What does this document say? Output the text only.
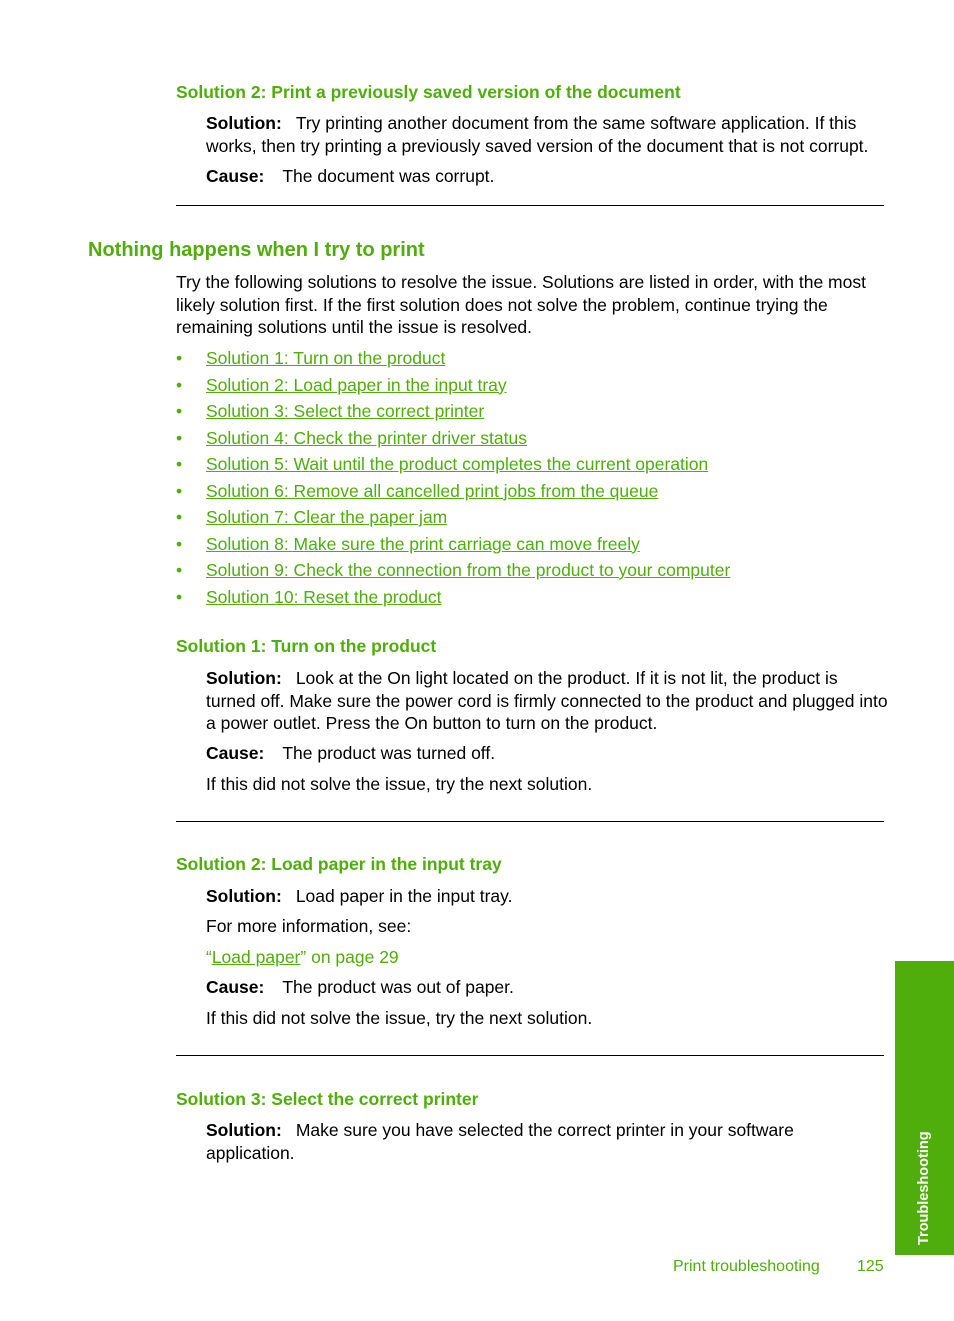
Solution 2: Print a previously saved version of the document

Solution: Try printing another document from the same software application. If this works, then try printing a previously saved version of the document that is not corrupt.

Cause: The document was corrupt.

Nothing happens when I try to print

Try the following solutions to resolve the issue. Solutions are listed in order, with the most likely solution first. If the first solution does not solve the problem, continue trying the remaining solutions until the issue is resolved.

• Solution 1: Turn on the product
• Solution 2: Load paper in the input tray
• Solution 3: Select the correct printer
• Solution 4: Check the printer driver status
• Solution 5: Wait until the product completes the current operation
• Solution 6: Remove all cancelled print jobs from the queue
• Solution 7: Clear the paper jam
• Solution 8: Make sure the print carriage can move freely
• Solution 9: Check the connection from the product to your computer
• Solution 10: Reset the product
Solution 1: Turn on the product

Solution: Look at the On light located on the product. If it is not lit, the product is turned off. Make sure the power cord is firmly connected to the product and plugged into a power outlet. Press the On button to turn on the product.

Cause: The product was turned off.

If this did not solve the issue, try the next solution.

Solution 2: Load paper in the input tray

Solution: Load paper in the input tray.

For more information, see:

“Load paper” on page 29

Cause: The product was out of paper.

If this did not solve the issue, try the next solution.

Solution 3: Select the correct printer

Solution: Make sure you have selected the correct printer in your software application.	Troubleshooting
Print troubleshooting 125
